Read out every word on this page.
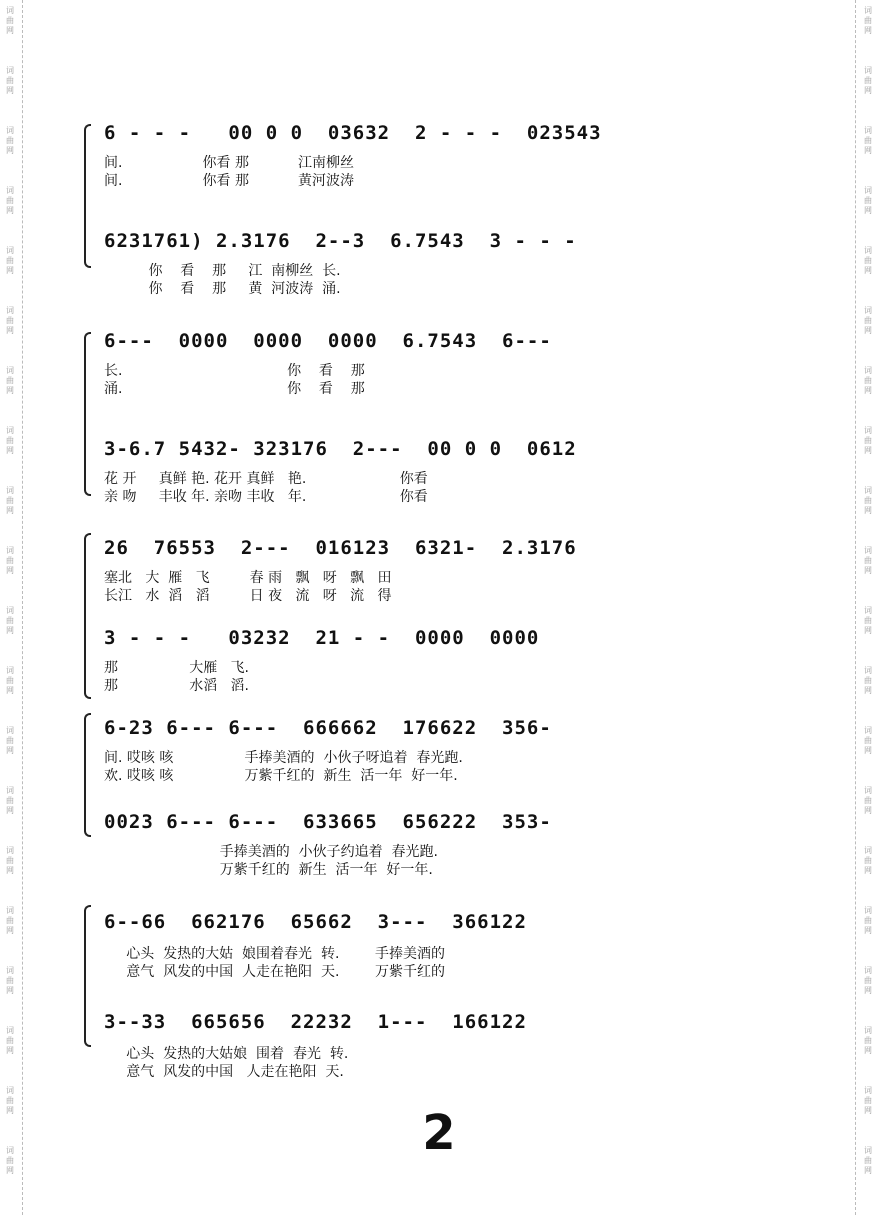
词
曲
网
词
曲
网
词
曲
网
词
曲
网
词
曲
网
词
曲
网
词
曲
网
词
曲
网
词
曲
网
词
曲
网
词
曲
网
词
曲
网
词
曲
网
词
曲
网
词
曲
网
词
曲
网
词
曲
网
词
曲
网
词
曲
网
词
曲
网
词
曲
网
词
曲
网
词
曲
网
词
曲
网
词
曲
网
词
曲
网
词
曲
网
词
曲
网
词
曲
网
词
曲
网
词
曲
网
词
曲
网
词
曲
网
词
曲
网
词
曲
网
词
曲
网
词
曲
网
词
曲
网
词
曲
网
词
曲
网
6 - - -   00 0 0  03632  2 - - -  023543
间.                  你看 那           江南柳丝
间.                  你看 那           黄河波涛
6231761) 2.3176  2--3  6.7543  3 - - -
你    看    那     江  南柳丝  长.
你    看    那     黄  河波涛  涌.
6---  0000  0000  0000  6.7543  6---
长.                                     你    看    那
涌.                                     你    看    那
3-6.7 5432- 323176  2---  00 0 0  0612
花 开     真鲜 艳. 花开 真鲜   艳.                     你看
亲 吻     丰收 年. 亲吻 丰收   年.                     你看
26  76553  2---  016123  6321-  2.3176
塞北   大  雁   飞         春 雨   飘   呀   飘   田
长江   水  滔   滔         日 夜   流   呀   流   得
3 - - -   03232  21 - -  0000  0000
那                大雁   飞.
那                水滔   滔.
6-23 6--- 6---  666662  176622  356-
间. 哎咳 咳                手捧美酒的  小伙子呀追着  春光跑.
欢. 哎咳 咳                万紫千红的  新生  活一年  好一年.
0023 6--- 6---  633665  656222  353-
手捧美酒的  小伙子约追着  春光跑.
万紫千红的  新生  活一年  好一年.
6--66  662176  65662  3---  366122
心头  发热的大姑  娘围着春光  转.        手捧美酒的
意气  风发的中国  人走在艳阳  天.        万紫千红的
3--33  665656  22232  1---  166122
心头  发热的大姑娘  围着  春光  转.
意气  风发的中国   人走在艳阳  天.
2
